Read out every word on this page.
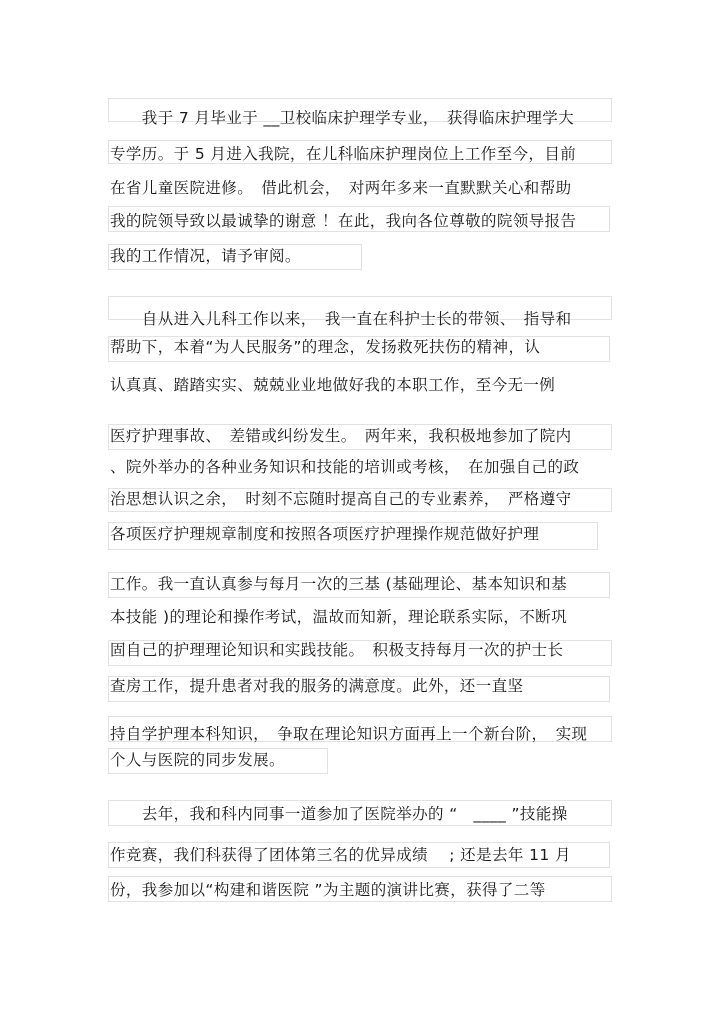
　　我于 7 月毕业于 __卫校临床护理学专业，　获得临床护理学大
专学历。于 5 月进入我院，在儿科临床护理岗位上工作至今，目前
在省儿童医院进修。　借此机会，　对两年多来一直默默关心和帮助
我的院领导致以最诚挚的谢意 ！在此，我向各位尊敬的院领导报告
我的工作情况，请予审阅。
　　自从进入儿科工作以来，　我一直在科护士长的带领、　指导和
帮助下，本着“为人民服务”的理念，发扬救死扶伤的精神，认
认真真、踏踏实实、兢兢业业地做好我的本职工作，至今无一例
医疗护理事故、　差错或纠纷发生。　两年来，我积极地参加了院内
、院外举办的各种业务知识和技能的培训或考核，　在加强自己的政
治思想认识之余，　时刻不忘随时提高自己的专业素养，　严格遵守
各项医疗护理规章制度和按照各项医疗护理操作规范做好护理
工作。我一直认真参与每月一次的三基 (基础理论、基本知识和基
本技能 )的理论和操作考试，温故而知新，理论联系实际，不断巩
固自己的护理理论知识和实践技能。　积极支持每月一次的护士长
查房工作，提升患者对我的服务的满意度。此外，还一直坚
持自学护理本科知识，　争取在理论知识方面再上一个新台阶，　实现
个人与医院的同步发展。
　　去年，我和科内同事一道参加了医院举办的 “　____ ”技能操
作竞赛，我们科获得了团体第三名的优异成绩　 ; 还是去年 11 月
份，我参加以“构建和谐医院 ”为主题的演讲比赛，获得了二等
